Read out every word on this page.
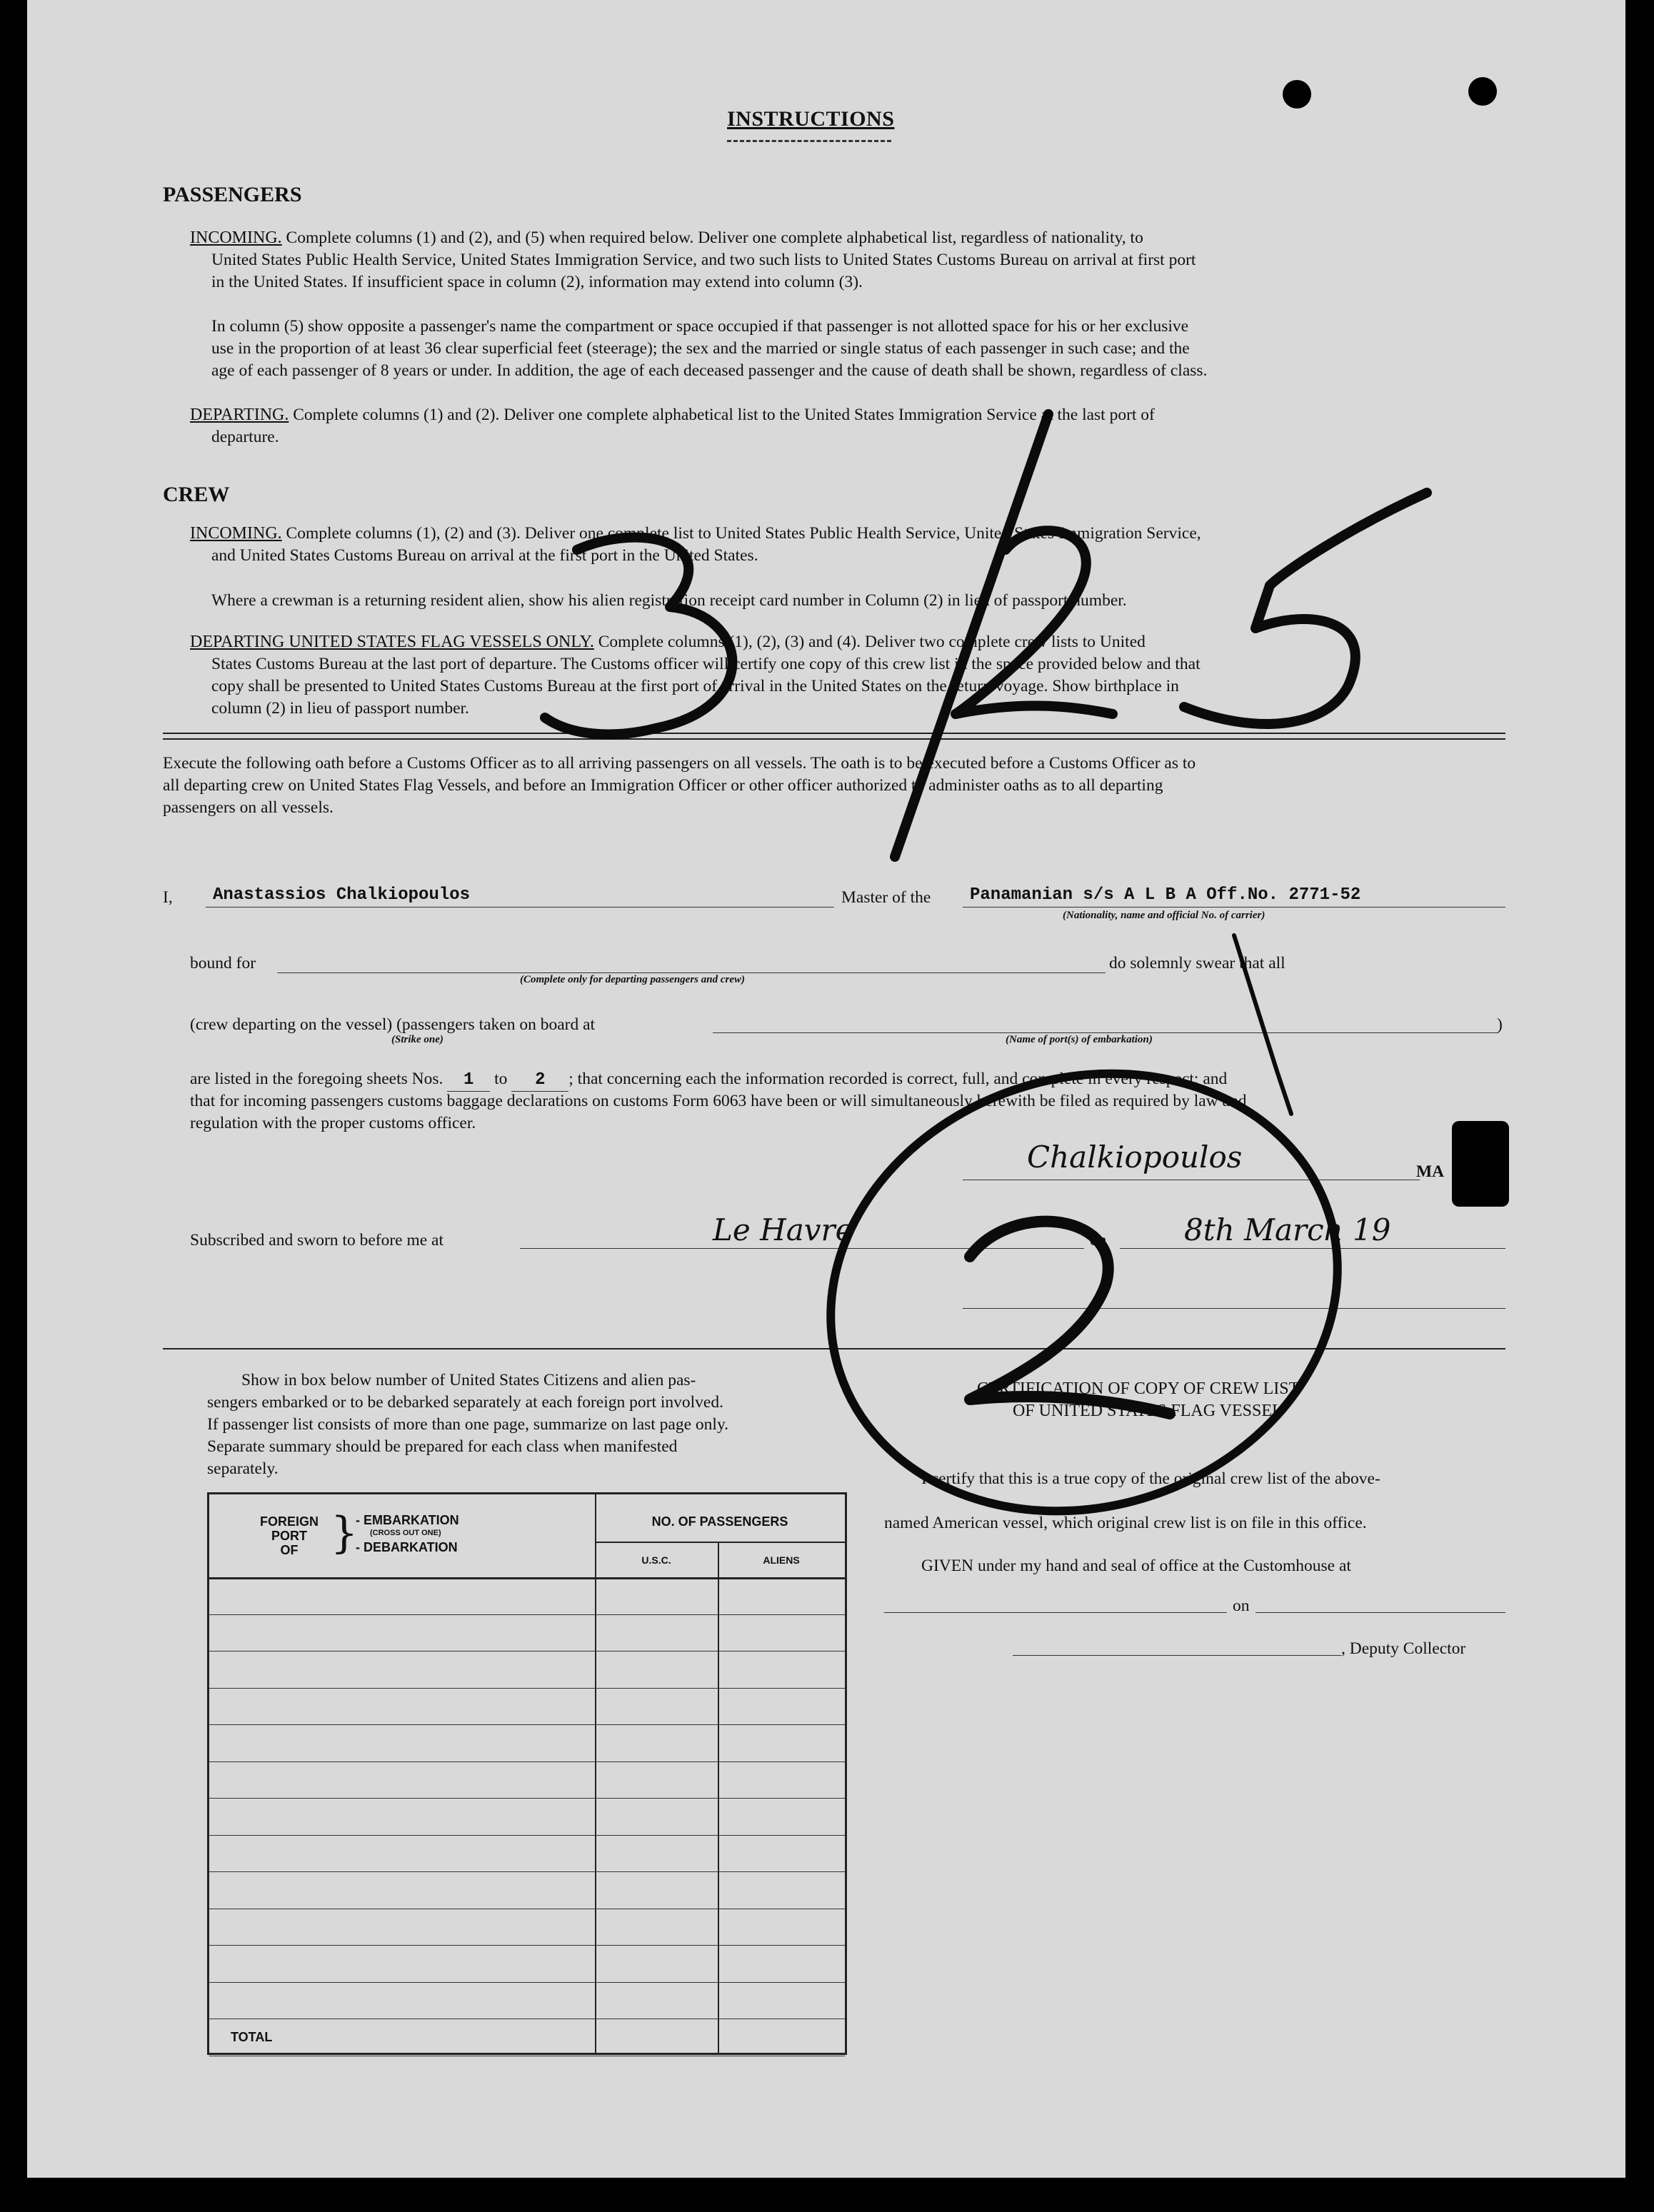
INSTRUCTIONS
PASSENGERS
INCOMING. Complete columns (1) and (2), and (5) when required below. Deliver one complete alphabetical list, regardless of nationality, to
United States Public Health Service, United States Immigration Service, and two such lists to United States Customs Bureau on arrival at first port
in the United States. If insufficient space in column (2), information may extend into column (3).
In column (5) show opposite a passenger's name the compartment or space occupied if that passenger is not allotted space for his or her exclusive
use in the proportion of at least 36 clear superficial feet (steerage); the sex and the married or single status of each passenger in such case; and the
age of each passenger of 8 years or under. In addition, the age of each deceased passenger and the cause of death shall be shown, regardless of class.
DEPARTING. Complete columns (1) and (2). Deliver one complete alphabetical list to the United States Immigration Service at the last port of
departure.
CREW
INCOMING. Complete columns (1), (2) and (3). Deliver one complete list to United States Public Health Service, United States Immigration Service,
and United States Customs Bureau on arrival at the first port in the United States.
Where a crewman is a returning resident alien, show his alien registration receipt card number in Column (2) in lieu of passport number.
DEPARTING UNITED STATES FLAG VESSELS ONLY. Complete columns (1), (2), (3) and (4). Deliver two complete crew lists to United
States Customs Bureau at the last port of departure. The Customs officer will certify one copy of this crew list in the space provided below and that
copy shall be presented to United States Customs Bureau at the first port of arrival in the United States on the return voyage. Show birthplace in
column (2) in lieu of passport number.
Execute the following oath before a Customs Officer as to all arriving passengers on all vessels. The oath is to be executed before a Customs Officer as to
all departing crew on United States Flag Vessels, and before an Immigration Officer or other officer authorized to administer oaths as to all departing
passengers on all vessels.
I, Anastassios Chalkiopoulos	Master of the Panamanian s/s A L B A Off.No. 2771-52
(Nationality, name and official No. of carrier)
bound for
(Complete only for departing passengers and crew)
do solemnly swear that all
(crew departing on the vessel) (passengers taken on board at	)
(Strike one)	(Name of port(s) of embarkation)
are listed in the foregoing sheets Nos. 1 to 2 ; that concerning each the information recorded is correct, full, and complete in every respect; and
that for incoming passengers customs baggage declarations on customs Form 6063 have been or will simultaneously herewith be filed as required by law and
regulation with the proper customs officer.
Chalkiopoulos	MA
Subscribed and sworn to before me at	Le Havre	on	8th March 19
Show in box below number of United States Citizens and alien pas-
sengers embarked or to be debarked separately at each foreign port involved.
If passenger list consists of more than one page, summarize on last page only.
Separate summary should be prepared for each class when manifested
separately.
FOREIGN
PORT
OF }
- EMBARKATION
(CROSS OUT ONE)
- DEBARKATION
NO. OF PASSENGERS
U.S.C.	ALIENS
TOTAL
CERTIFICATION OF COPY OF CREW LIST
OF UNITED STATES FLAG VESSEL
I certify that this is a true copy of the original crew list of the above-
named American vessel, which original crew list is on file in this office.
GIVEN under my hand and seal of office at the Customhouse at
on
, Deputy Collector
